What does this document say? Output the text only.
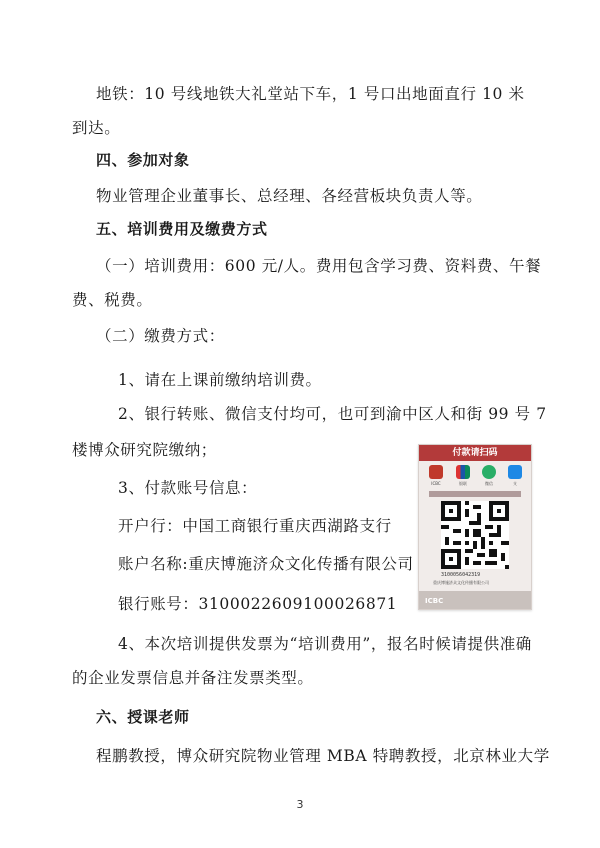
地铁：10 号线地铁大礼堂站下车，1 号口出地面直行 10 米
到达。
四、参加对象
物业管理企业董事长、总经理、各经营板块负责人等。
五、培训费用及缴费方式
（一）培训费用：600 元/人。费用包含学习费、资料费、午餐
费、税费。
（二）缴费方式：
1、请在上课前缴纳培训费。
2、银行转账、微信支付均可，也可到渝中区人和街 99 号 7
楼博众研究院缴纳；
3、付款账号信息：
开户行：中国工商银行重庆西湖路支行
账户名称:重庆博施济众文化传播有限公司
银行账号：3100022609100026871
4、本次培训提供发票为“培训费用”，报名时候请提供准确
的企业发票信息并备注发票类型。
六、授课老师
程鹏教授，博众研究院物业管理 MBA 特聘教授，北京林业大学
付款请扫码
ICBC	银联	微信	支
3100056042319
重庆博施济众文化传播有限公司
ICBC
3
